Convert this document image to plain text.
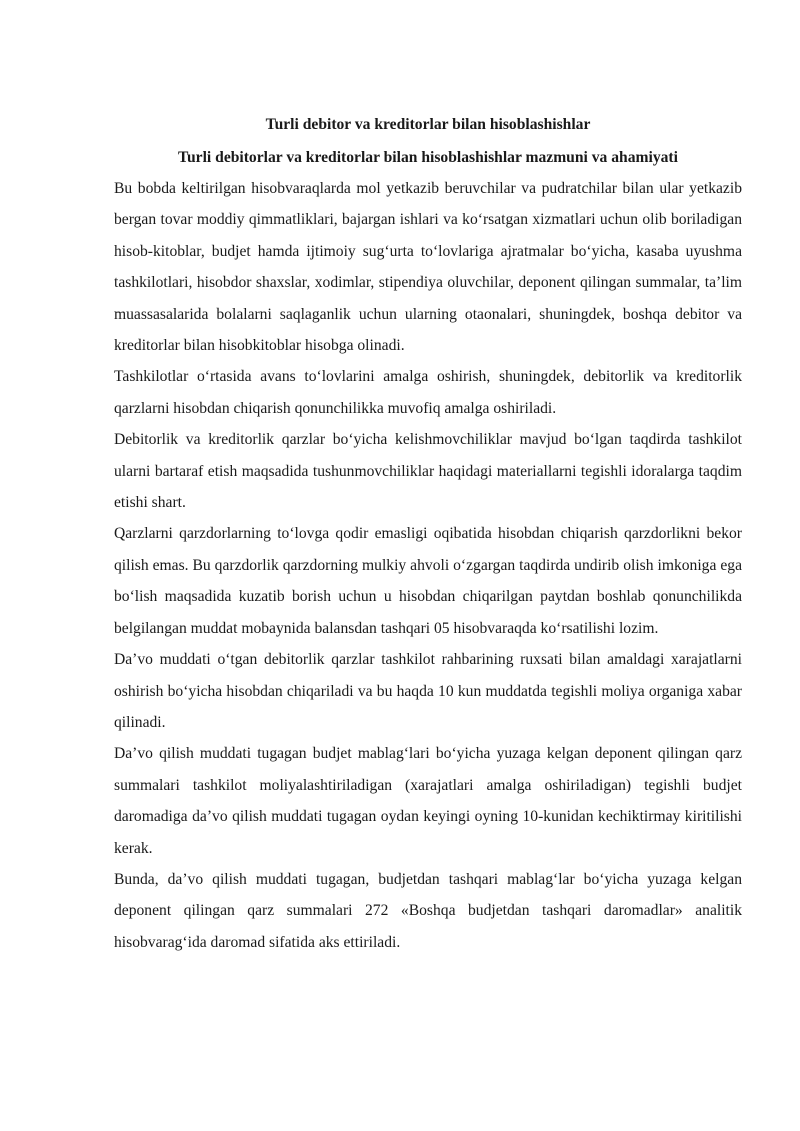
Turli debitor va kreditorlar bilan hisoblashishlar

Turli debitorlar va kreditorlar bilan hisoblashishlar mazmuni va ahamiyati

Bu bobda keltirilgan hisobvaraqlarda mol yetkazib beruvchilar va pudratchilar bilan ular yetkazib bergan tovar moddiy qimmatliklari, bajargan ishlari va koʻrsatgan xizmatlari uchun olib boriladigan hisob-kitoblar, budjet hamda ijtimoiy sugʻurta toʻlovlariga ajratmalar boʻyicha, kasaba uyushma tashkilotlari, hisobdor shaxslar, xodimlar, stipendiya oluvchilar, deponent qilingan summalar, taʼlim muassasalarida bolalarni saqlaganlik uchun ularning otaonalari, shuningdek, boshqa debitor va kreditorlar bilan hisobkitoblar hisobga olinadi.

Tashkilotlar oʻrtasida avans toʻlovlarini amalga oshirish, shuningdek, debitorlik va kreditorlik qarzlarni hisobdan chiqarish qonunchilikka muvofiq amalga oshiriladi.

Debitorlik va kreditorlik qarzlar boʻyicha kelishmovchiliklar mavjud boʻlgan taqdirda tashkilot ularni bartaraf etish maqsadida tushunmovchiliklar haqidagi materiallarni tegishli idoralarga taqdim etishi shart.

Qarzlarni qarzdorlarning toʻlovga qodir emasligi oqibatida hisobdan chiqarish qarzdorlikni bekor qilish emas. Bu qarzdorlik qarzdorning mulkiy ahvoli oʻzgargan taqdirda undirib olish imkoniga ega boʻlish maqsadida kuzatib borish uchun u hisobdan chiqarilgan paytdan boshlab qonunchilikda belgilangan muddat mobaynida balansdan tashqari 05 hisobvaraqda koʻrsatilishi lozim.

Daʼvo muddati oʻtgan debitorlik qarzlar tashkilot rahbarining ruxsati bilan amaldagi xarajatlarni oshirish boʻyicha hisobdan chiqariladi va bu haqda 10 kun muddatda tegishli moliya organiga xabar qilinadi.

Daʼvo qilish muddati tugagan budjet mablagʻlari boʻyicha yuzaga kelgan deponent qilingan qarz summalari tashkilot moliyalashtiriladigan (xarajatlari amalga oshiriladigan) tegishli budjet daromadiga daʼvo qilish muddati tugagan oydan keyingi oyning 10-kunidan kechiktirmay kiritilishi kerak.

Bunda, daʼvo qilish muddati tugagan, budjetdan tashqari mablagʻlar boʻyicha yuzaga kelgan deponent qilingan qarz summalari 272 «Boshqa budjetdan tashqari daromadlar» analitik hisobvaragʻida daromad sifatida aks ettiriladi.
